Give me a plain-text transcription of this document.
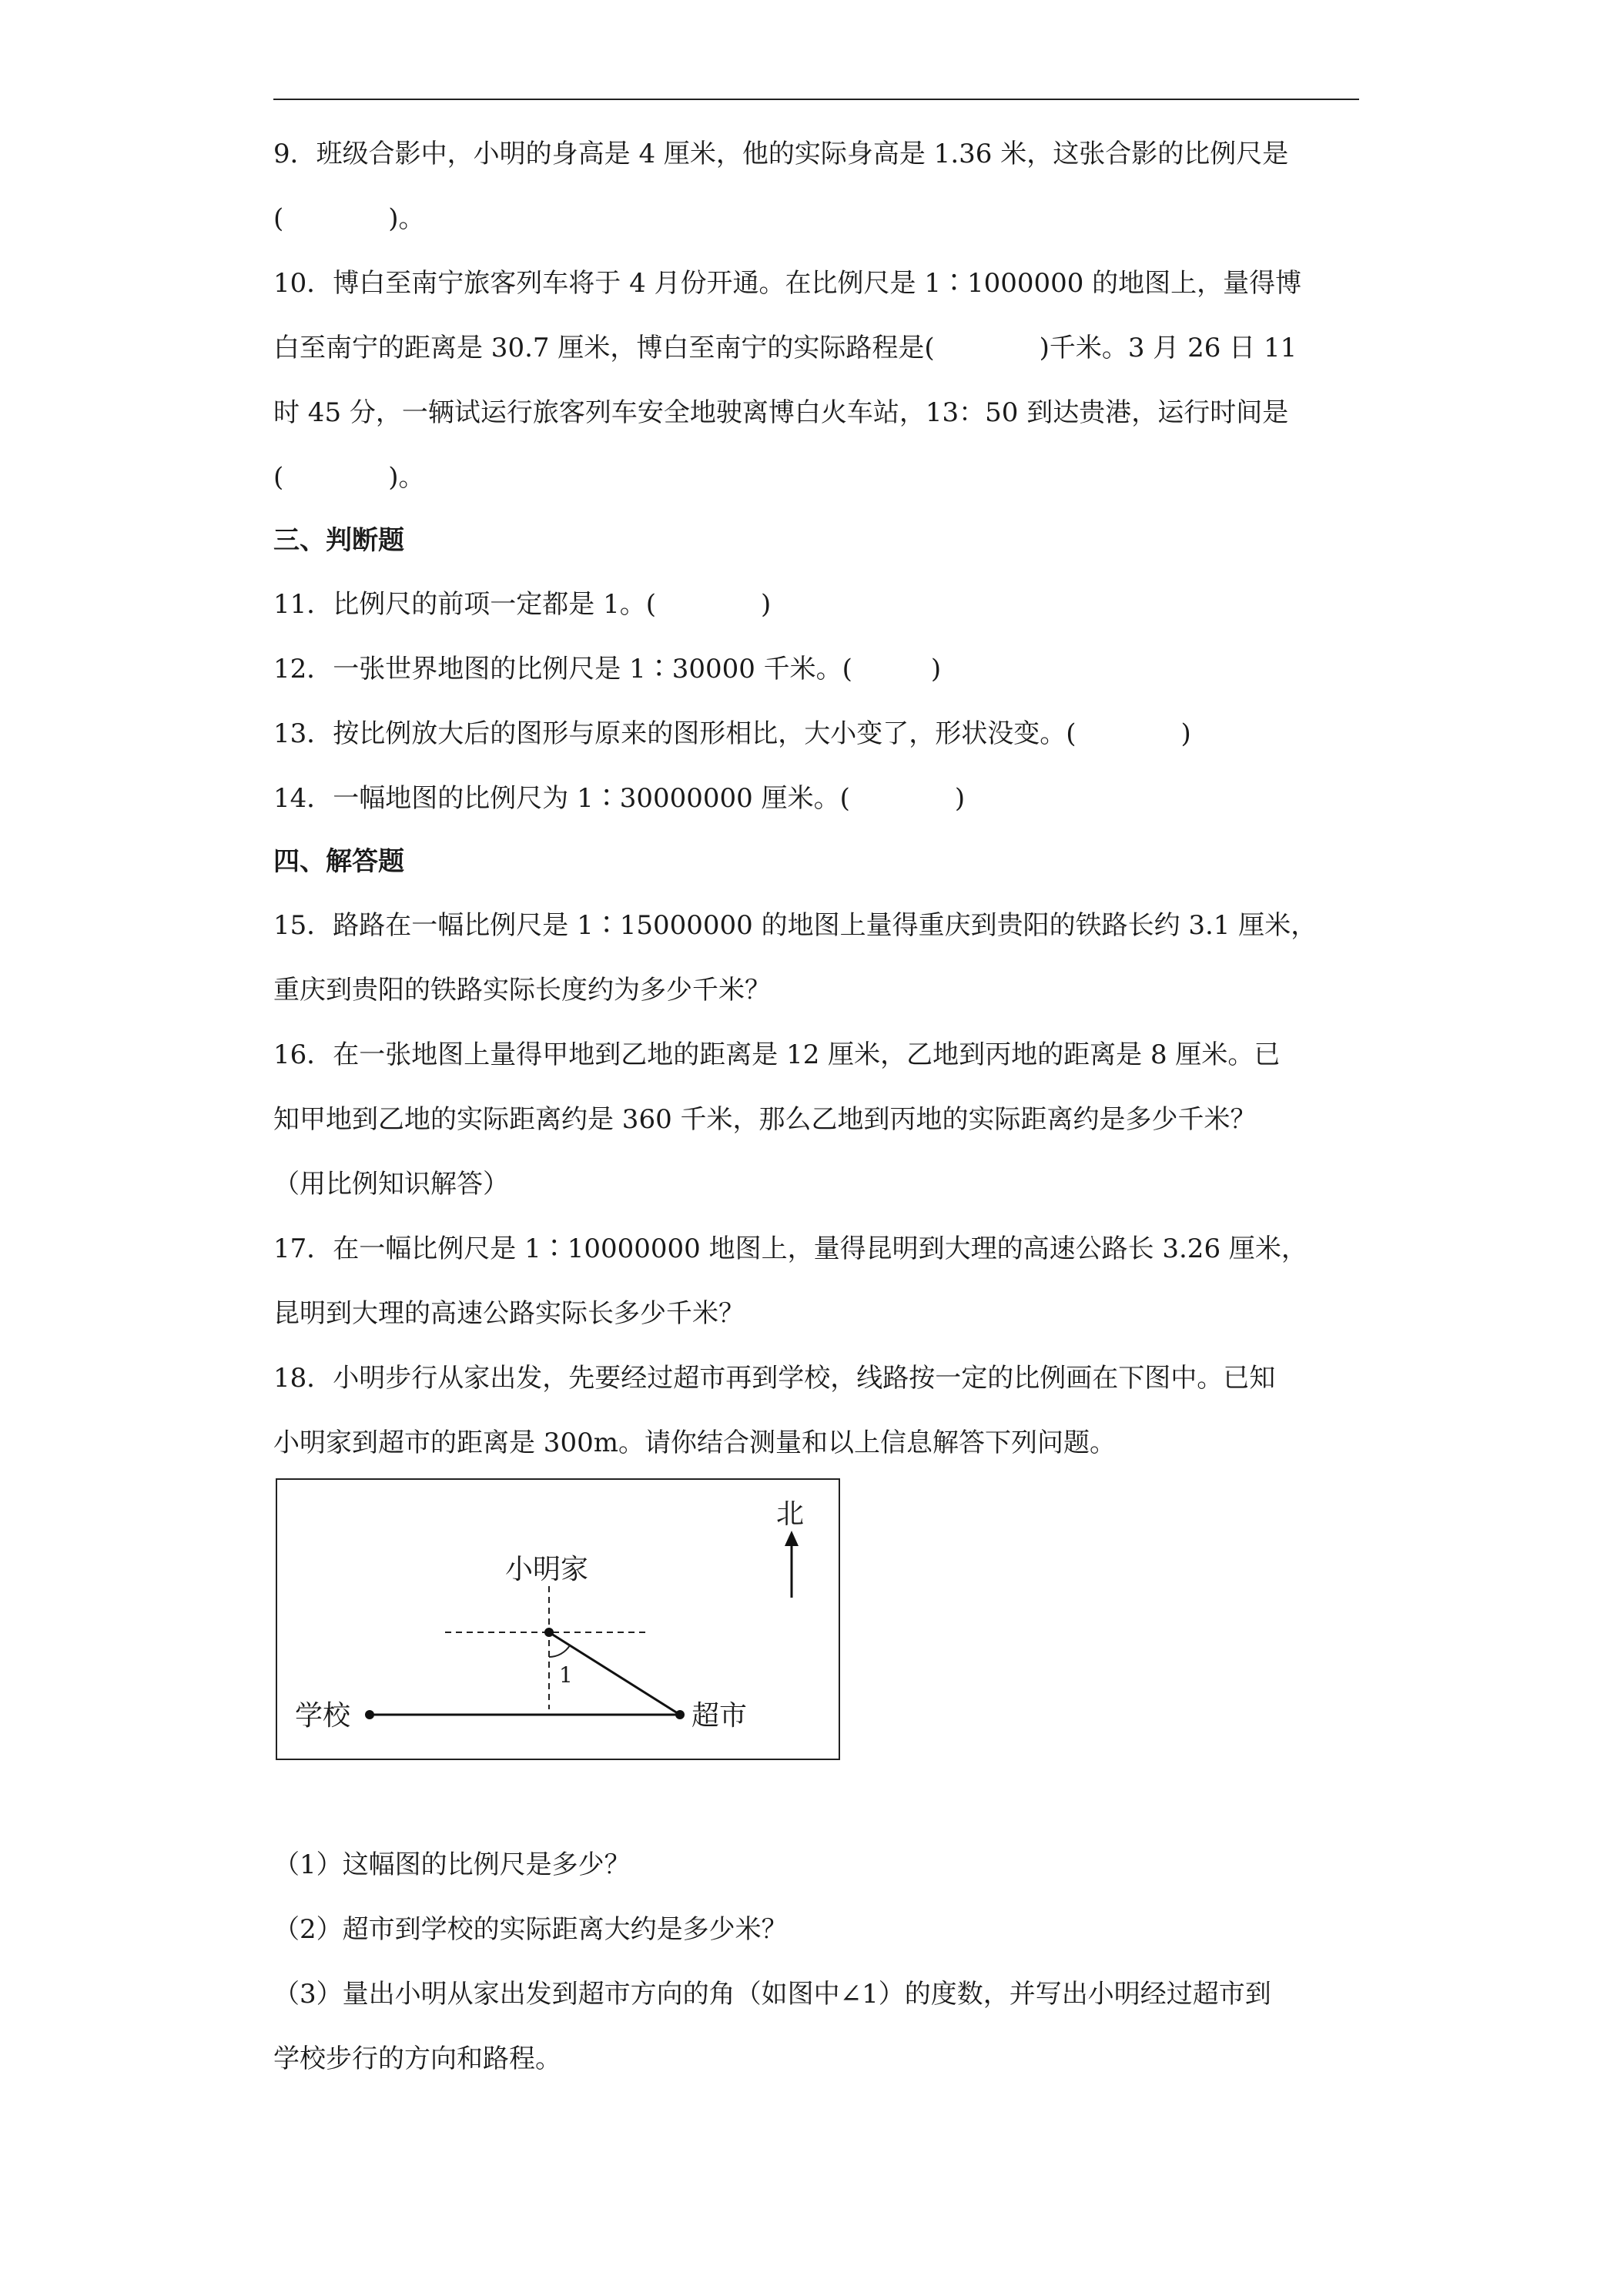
9．班级合影中，小明的身高是 4 厘米，他的实际身高是 1.36 米，这张合影的比例尺是
(　　　　)。
10．博白至南宁旅客列车将于 4 月份开通。在比例尺是 1∶1000000 的地图上，量得博
白至南宁的距离是 30.7 厘米，博白至南宁的实际路程是(　　　　)千米。3 月 26 日 11
时 45 分，一辆试运行旅客列车安全地驶离博白火车站，13：50 到达贵港，运行时间是
(　　　　)。
三、判断题
11．比例尺的前项一定都是 1。(　　　　)
12．一张世界地图的比例尺是 1∶30000 千米。(　　　)
13．按比例放大后的图形与原来的图形相比，大小变了，形状没变。(　　　　)
14．一幅地图的比例尺为 1∶30000000 厘米。(　　　　)
四、解答题
15．路路在一幅比例尺是 1∶15000000 的地图上量得重庆到贵阳的铁路长约 3.1 厘米，
重庆到贵阳的铁路实际长度约为多少千米？
16．在一张地图上量得甲地到乙地的距离是 12 厘米，乙地到丙地的距离是 8 厘米。已
知甲地到乙地的实际距离约是 360 千米，那么乙地到丙地的实际距离约是多少千米？
（用比例知识解答）
17．在一幅比例尺是 1∶10000000 地图上，量得昆明到大理的高速公路长 3.26 厘米，
昆明到大理的高速公路实际长多少千米？
18．小明步行从家出发，先要经过超市再到学校，线路按一定的比例画在下图中。已知
小明家到超市的距离是 300m。请你结合测量和以上信息解答下列问题。
北
小明家
1
学校	超市
（1）这幅图的比例尺是多少？
（2）超市到学校的实际距离大约是多少米？
（3）量出小明从家出发到超市方向的角（如图中∠1）的度数，并写出小明经过超市到
学校步行的方向和路程。
